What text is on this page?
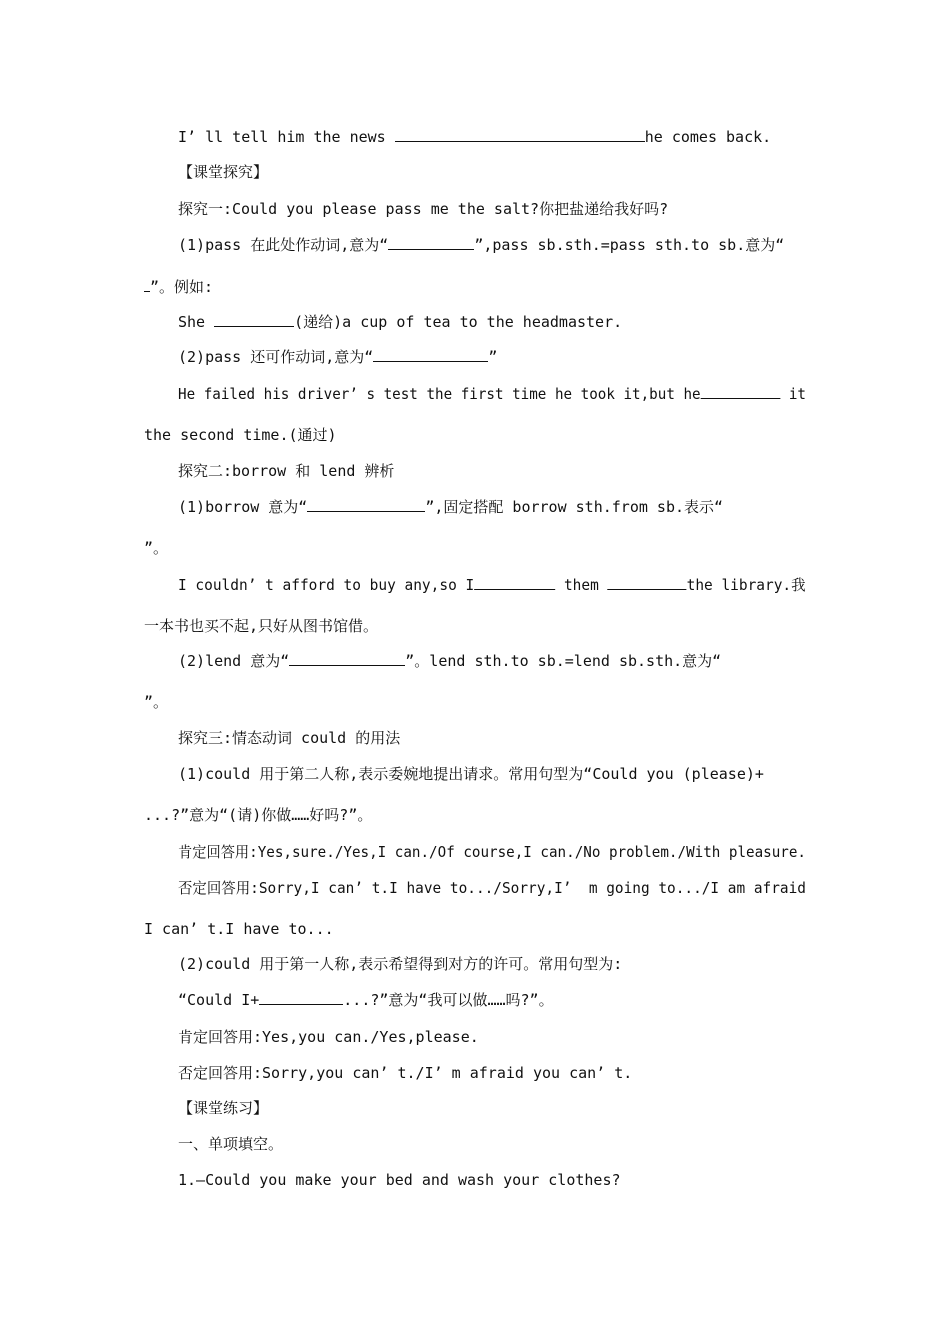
I’ ll tell him the news	he comes back.
【课堂探究】
探究一:Could you please pass me the salt?你把盐递给我好吗?
(1)pass 在此处作动词,意为“	”,pass sb.sth.=pass sth.to sb.意为“
”。例如:
She	(递给)a cup of tea to the headmaster.
(2)pass 还可作动词,意为“	”
He failed his driver’ s test the first time he took it,but he	it
the second time.(通过)
探究二:borrow 和 lend 辨析
(1)borrow 意为“	”,固定搭配 borrow sth.from sb.表示“
”。
I couldn’ t afford to buy any,so I	them	the library.我
一本书也买不起,只好从图书馆借。
(2)lend 意为“	”。lend sth.to sb.=lend sb.sth.意为“
”。
探究三:情态动词 could 的用法
(1)could 用于第二人称,表示委婉地提出请求。常用句型为“Could you (please)+
...?”意为“(请)你做……好吗?”。
肯定回答用:Yes,sure./Yes,I can./Of course,I can./No problem./With pleasure.
否定回答用:Sorry,I can’ t.I have to.../Sorry,I’  m going to.../I am afraid
I can’ t.I have to...
(2)could 用于第一人称,表示希望得到对方的许可。常用句型为:
“Could I+	...?”意为“我可以做……吗?”。
肯定回答用:Yes,you can./Yes,please.
否定回答用:Sorry,you can’ t./I’ m afraid you can’ t.
【课堂练习】
一、单项填空。
1.—Could you make your bed and wash your clothes?
